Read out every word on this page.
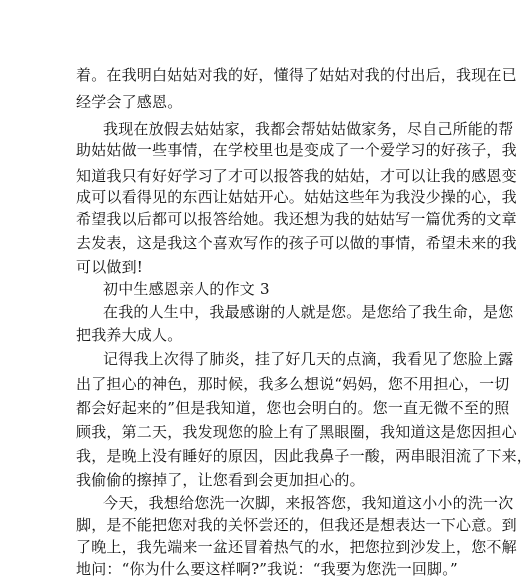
着。在我明白姑姑对我的好，懂得了姑姑对我的付出后，我现在已
经学会了感恩。
我现在放假去姑姑家，我都会帮姑姑做家务，尽自己所能的帮
助姑姑做一些事情，在学校里也是变成了一个爱学习的好孩子，我
知道我只有好好学习了才可以报答我的姑姑，才可以让我的感恩变
成可以看得见的东西让姑姑开心。姑姑这些年为我没少操的心，我
希望我以后都可以报答给她。我还想为我的姑姑写一篇优秀的文章
去发表，这是我这个喜欢写作的孩子可以做的事情，希望未来的我
可以做到!
初中生感恩亲人的作文 3
在我的人生中，我最感谢的人就是您。是您给了我生命，是您
把我养大成人。
记得我上次得了肺炎，挂了好几天的点滴，我看见了您脸上露
出了担心的神色，那时候，我多么想说“妈妈，您不用担心，一切
都会好起来的”但是我知道，您也会明白的。您一直无微不至的照
顾我，第二天，我发现您的脸上有了黑眼圈，我知道这是您因担心
我，是晚上没有睡好的原因，因此我鼻子一酸，两串眼泪流了下来，
我偷偷的擦掉了，让您看到会更加担心的。
今天，我想给您洗一次脚，来报答您，我知道这小小的洗一次
脚，是不能把您对我的关怀尝还的，但我还是想表达一下心意。到
了晚上，我先端来一盆还冒着热气的水，把您拉到沙发上，您不解
地问：“你为什么要这样啊?”我说：“我要为您洗一回脚。”
